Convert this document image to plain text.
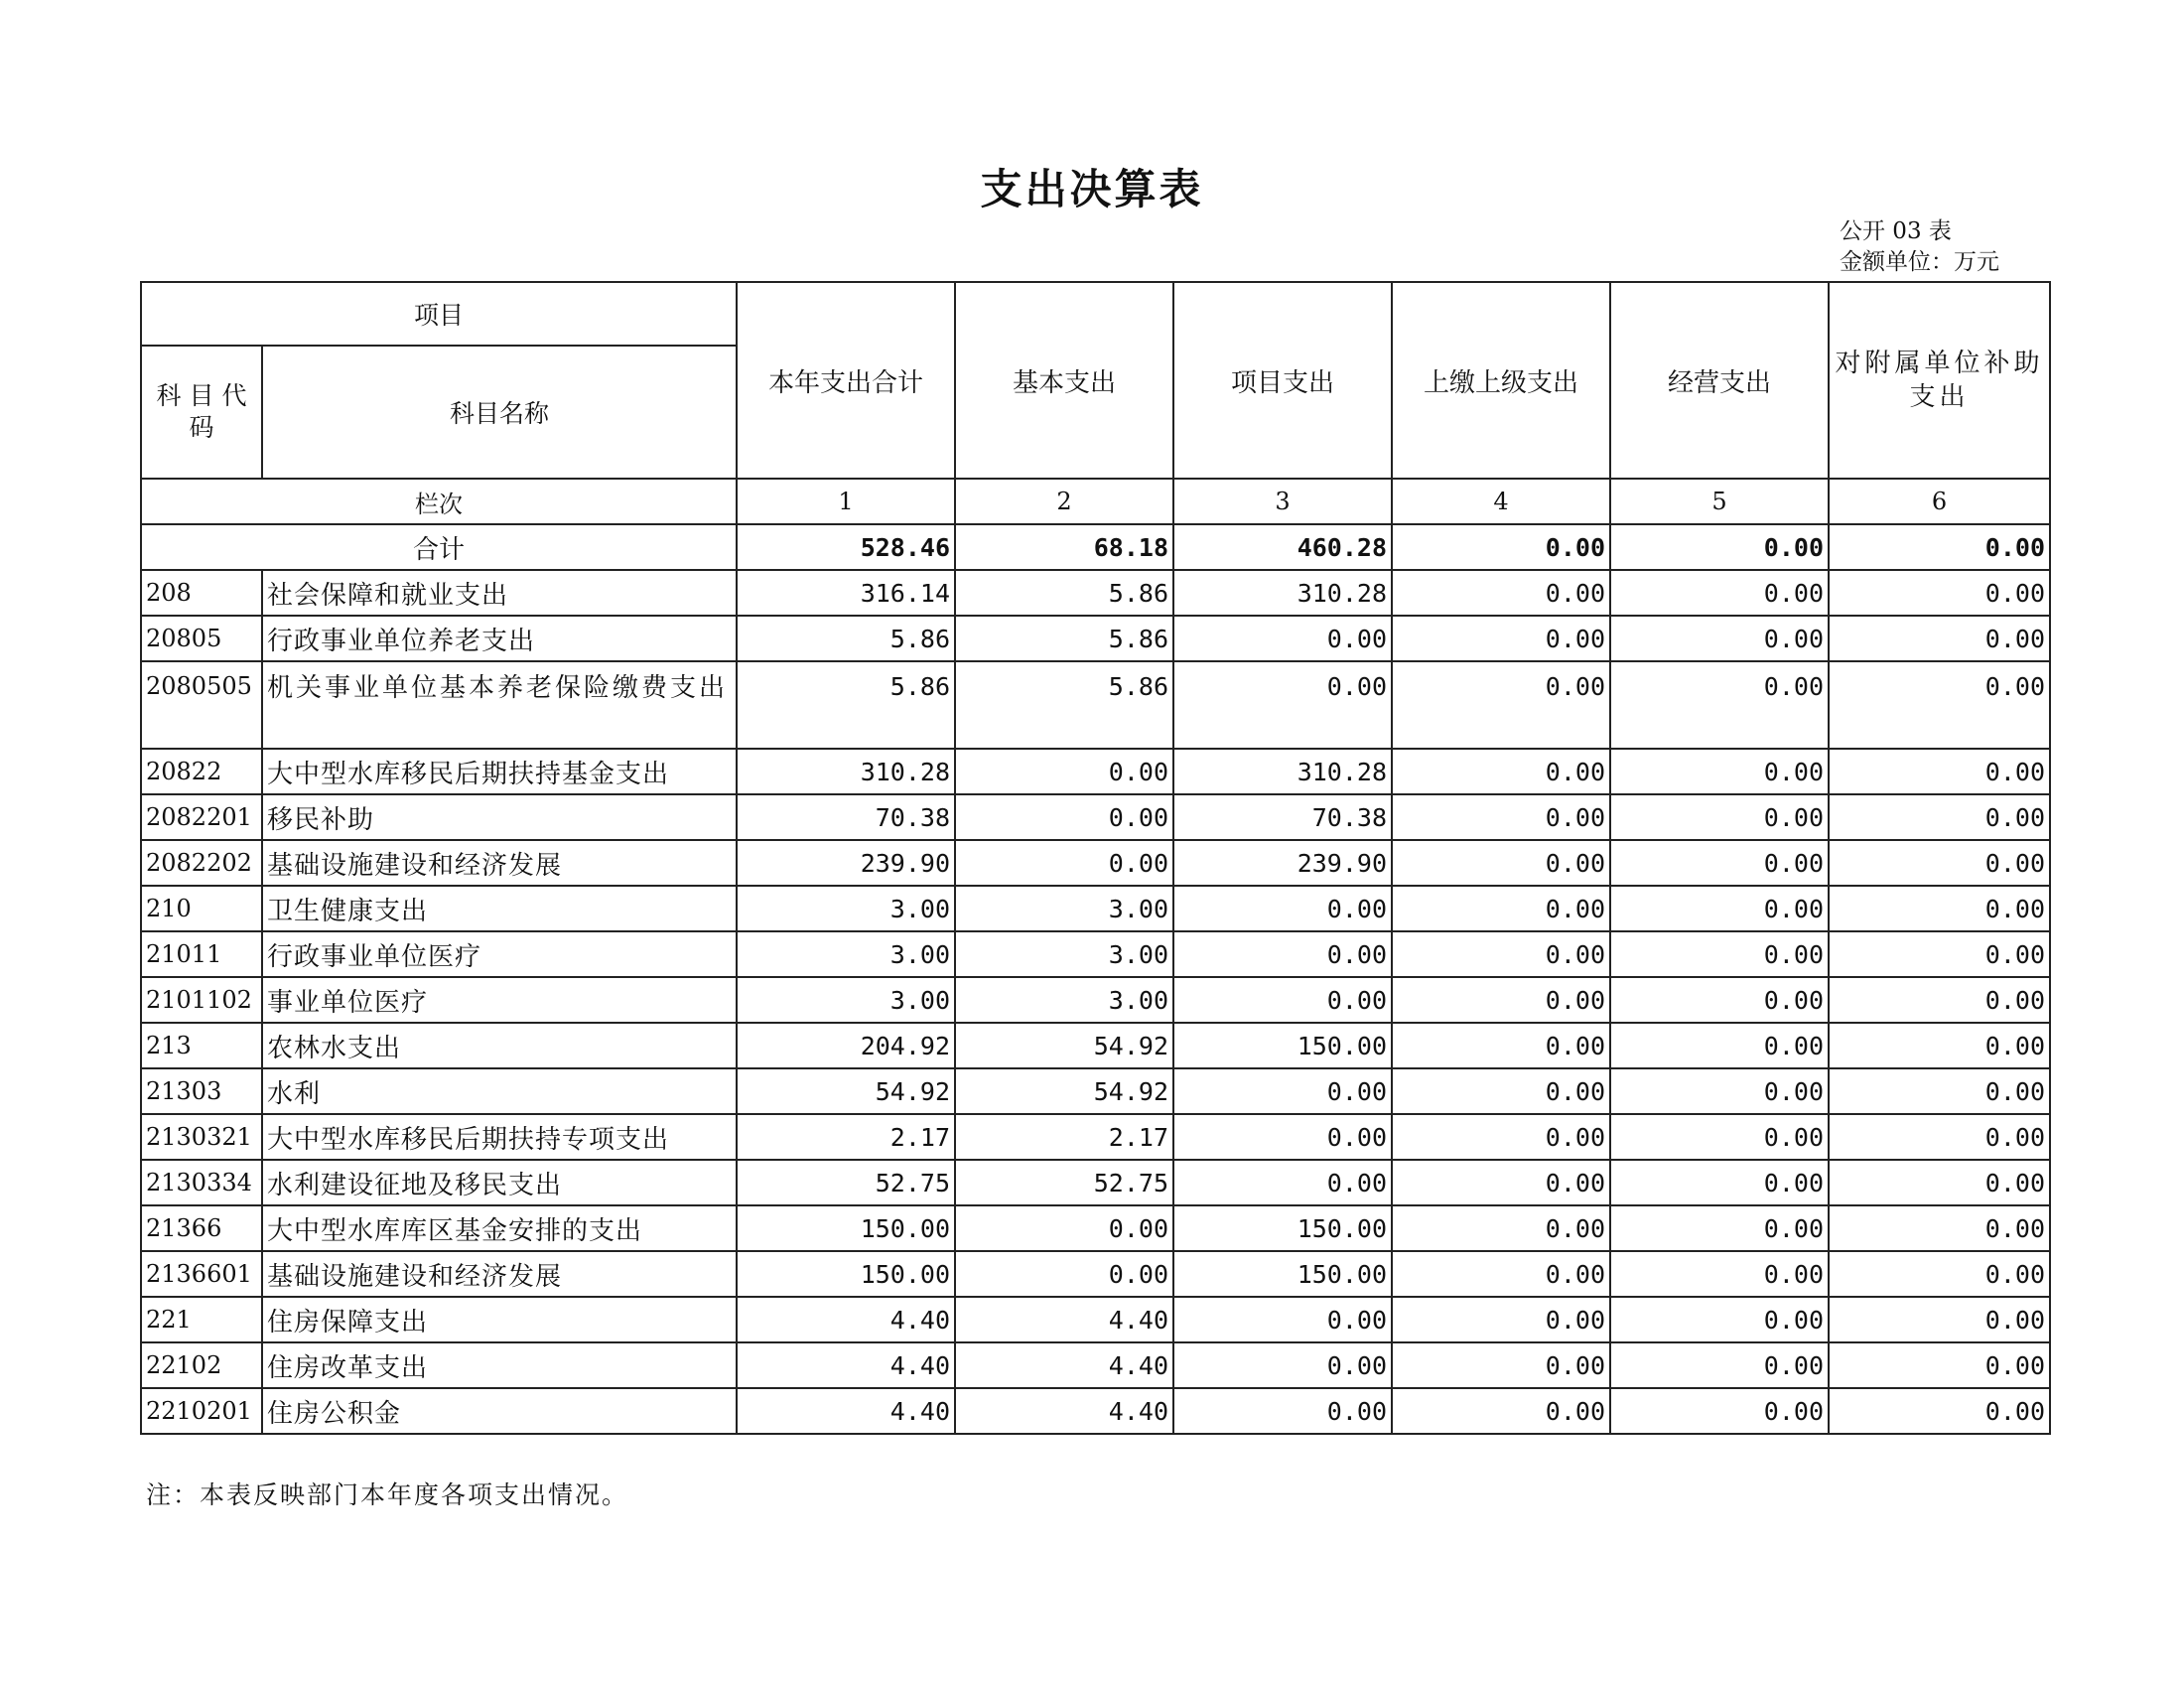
支出决算表
公开 03 表
金额单位：万元
项目		本年支出合计	基本支出	项目支出	上缴上级支出	经营支出	对附属单位补助 支出
科 目 代 码	科目名称						
栏次		1	2	3	4	5	6
合计		528.46	68.18	460.28	0.00	0.00	0.00
208	社会保障和就业支出	316.14	5.86	310.28	0.00	0.00	0.00
20805	行政事业单位养老支出	5.86	5.86	0.00	0.00	0.00	0.00
2080505	机关事业单位基本养老保险缴费支出	5.86	5.86	0.00	0.00	0.00	0.00
20822	大中型水库移民后期扶持基金支出	310.28	0.00	310.28	0.00	0.00	0.00
2082201	移民补助	70.38	0.00	70.38	0.00	0.00	0.00
2082202	基础设施建设和经济发展	239.90	0.00	239.90	0.00	0.00	0.00
210	卫生健康支出	3.00	3.00	0.00	0.00	0.00	0.00
21011	行政事业单位医疗	3.00	3.00	0.00	0.00	0.00	0.00
2101102	事业单位医疗	3.00	3.00	0.00	0.00	0.00	0.00
213	农林水支出	204.92	54.92	150.00	0.00	0.00	0.00
21303	水利	54.92	54.92	0.00	0.00	0.00	0.00
2130321	大中型水库移民后期扶持专项支出	2.17	2.17	0.00	0.00	0.00	0.00
2130334	水利建设征地及移民支出	52.75	52.75	0.00	0.00	0.00	0.00
21366	大中型水库库区基金安排的支出	150.00	0.00	150.00	0.00	0.00	0.00
2136601	基础设施建设和经济发展	150.00	0.00	150.00	0.00	0.00	0.00
221	住房保障支出	4.40	4.40	0.00	0.00	0.00	0.00
22102	住房改革支出	4.40	4.40	0.00	0.00	0.00	0.00
2210201	住房公积金	4.40	4.40	0.00	0.00	0.00	0.00
注：本表反映部门本年度各项支出情况。
